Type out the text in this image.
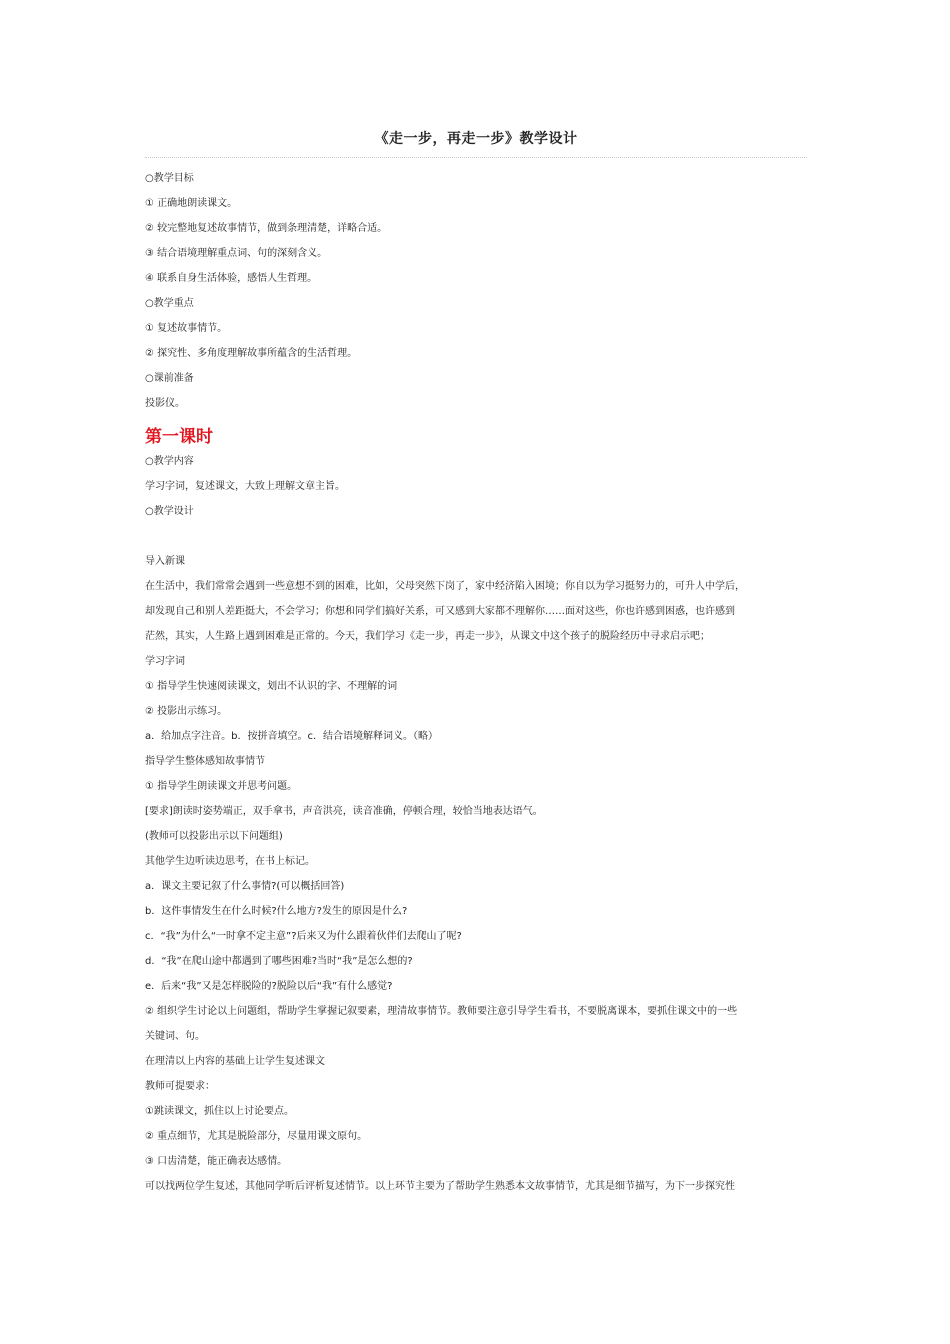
《走一步，再走一步》教学设计
○教学目标
① 正确地朗读课文。
② 较完整地复述故事情节，做到条理清楚，详略合适。
③ 结合语境理解重点词、句的深刻含义。
④ 联系自身生活体验，感悟人生哲理。
○教学重点
① 复述故事情节。
② 探究性、多角度理解故事所蕴含的生活哲理。
○课前准备
投影仪。
第一课时
○教学内容
学习字词，复述课文，大致上理解文章主旨。
○教学设计
导入新课
在生活中，我们常常会遇到一些意想不到的困难，比如，父母突然下岗了，家中经济陷入困境；你自以为学习挺努力的，可升人中学后，
却发现自己和别人差距挺大，不会学习；你想和同学们搞好关系，可又感到大家都不理解你……面对这些，你也许感到困惑，也许感到
茫然，其实，人生路上遇到困难是正常的。今天，我们学习《走一步，再走一步》，从课文中这个孩子的脱险经历中寻求启示吧；
学习字词
① 指导学生快速阅读课文，划出不认识的字、不理解的词
② 投影出示练习。
a．给加点字注音。b．按拼音填空。c．结合语境解释词义。（略）
指导学生整体感知故事情节
① 指导学生朗读课文并思考问题。
[要求]朗读时姿势端正，双手拿书，声音洪亮，读音准确，停顿合理，较恰当地表达语气。
(教师可以投影出示以下问题组)
其他学生边听读边思考，在书上标记。
a．课文主要记叙了什么事情?(可以概括回答)
b．这件事情发生在什么时候?什么地方?发生的原因是什么?
c．“我”为什么“一时拿不定主意”?后来又为什么跟着伙伴们去爬山了呢?
d．“我”在爬山途中都遇到了哪些困难?当时“我”是怎么想的?
e．后来“我”又是怎样脱险的?脱险以后“我”有什么感觉?
② 组织学生讨论以上问题组，帮助学生掌握记叙要素，理清故事情节。教师要注意引导学生看书，不要脱离课本，要抓住课文中的一些
关键词、句。
在理清以上内容的基础上让学生复述课文
教师可提要求：
①跳读课文，抓住以上讨论要点。
② 重点细节，尤其是脱险部分，尽量用课文原句。
③ 口齿清楚，能正确表达感情。
可以找两位学生复述，其他同学听后评析复述情节。以上环节主要为了帮助学生熟悉本文故事情节，尤其是细节描写，为下一步探究性
